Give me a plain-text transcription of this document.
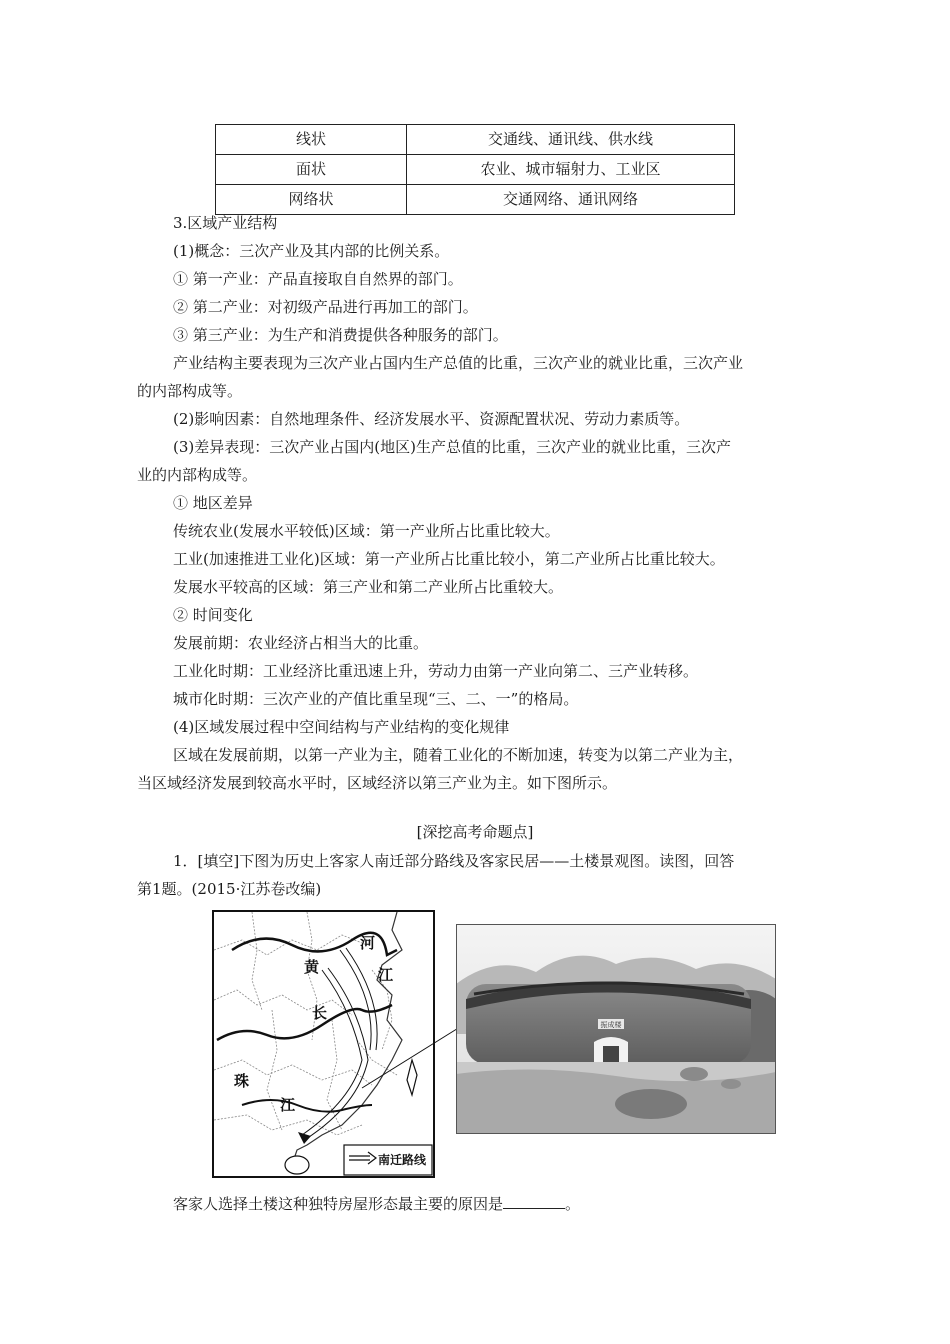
线状	交通线、通讯线、供水线
面状	农业、城市辐射力、工业区
网络状	交通网络、通讯网络
3.区域产业结构
(1)概念：三次产业及其内部的比例关系。
① 第一产业：产品直接取自自然界的部门。
② 第二产业：对初级产品进行再加工的部门。
③ 第三产业：为生产和消费提供各种服务的部门。
产业结构主要表现为三次产业占国内生产总值的比重，三次产业的就业比重，三次产业
的内部构成等。
(2)影响因素：自然地理条件、经济发展水平、资源配置状况、劳动力素质等。
(3)差异表现：三次产业占国内(地区)生产总值的比重，三次产业的就业比重，三次产
业的内部构成等。
① 地区差异
传统农业(发展水平较低)区域：第一产业所占比重比较大。
工业(加速推进工业化)区域：第一产业所占比重比较小，第二产业所占比重比较大。
发展水平较高的区域：第三产业和第二产业所占比重较大。
② 时间变化
发展前期：农业经济占相当大的比重。
工业化时期：工业经济比重迅速上升，劳动力由第一产业向第二、三产业转移。
城市化时期：三次产业的产值比重呈现“三、二、一”的格局。
(4)区域发展过程中空间结构与产业结构的变化规律
区域在发展前期，以第一产业为主，随着工业化的不断加速，转变为以第二产业为主，
当区域经济发展到较高水平时，区域经济以第三产业为主。如下图所示。
[深挖高考命题点]
1．[填空]下图为历史上客家人南迁部分路线及客家民居——土楼景观图。读图，回答
第1题。(2015·江苏卷改编)
河
黄	江
长
珠
江
南迁路线
振成楼
客家人选择土楼这种独特房屋形态最主要的原因是	。
